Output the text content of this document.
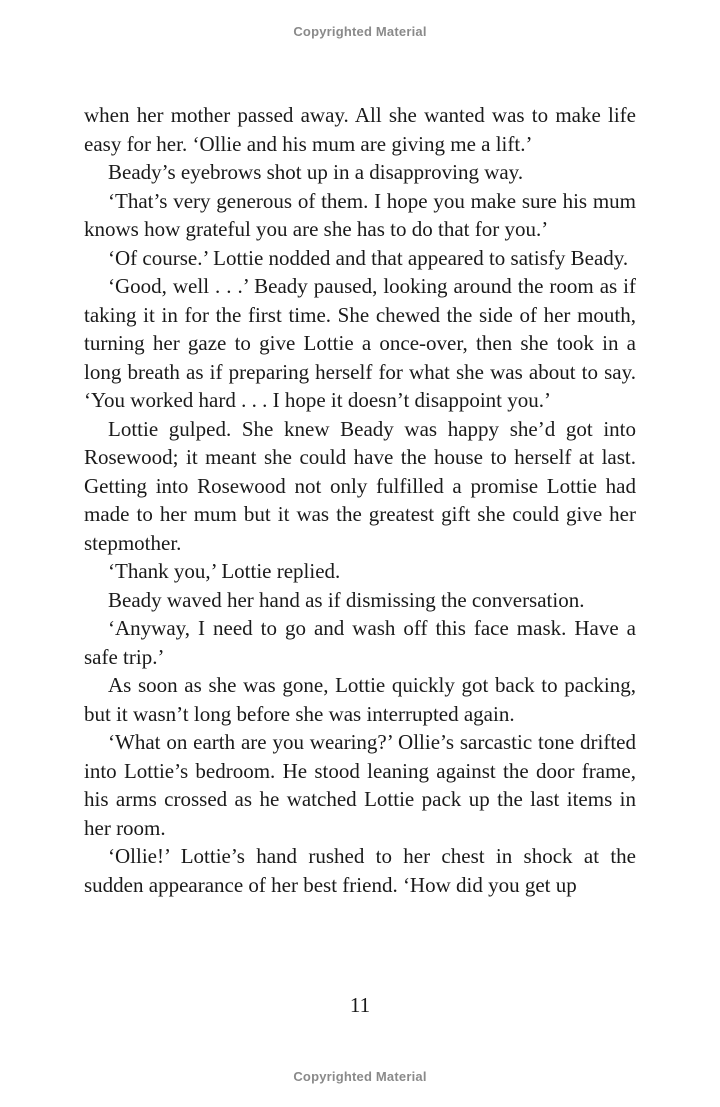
Copyrighted Material

when her mother passed away. All she wanted was to make life easy for her. ‘Ollie and his mum are giving me a lift.’

Beady’s eyebrows shot up in a disapproving way.

‘That’s very generous of them. I hope you make sure his mum knows how grateful you are she has to do that for you.’

‘Of course.’ Lottie nodded and that appeared to satisfy Beady.

‘Good, well . . .’ Beady paused, looking around the room as if taking it in for the first time. She chewed the side of her mouth, turning her gaze to give Lottie a once-over, then she took in a long breath as if preparing herself for what she was about to say. ‘You worked hard . . . I hope it doesn’t disappoint you.’

Lottie gulped. She knew Beady was happy she’d got into Rosewood; it meant she could have the house to herself at last. Getting into Rosewood not only fulfilled a promise Lottie had made to her mum but it was the greatest gift she could give her stepmother.

‘Thank you,’ Lottie replied.

Beady waved her hand as if dismissing the conversation.

‘Anyway, I need to go and wash off this face mask. Have a safe trip.’

As soon as she was gone, Lottie quickly got back to packing, but it wasn’t long before she was interrupted again.

‘What on earth are you wearing?’ Ollie’s sarcastic tone drifted into Lottie’s bedroom. He stood leaning against the door frame, his arms crossed as he watched Lottie pack up the last items in her room.

‘Ollie!’ Lottie’s hand rushed to her chest in shock at the sudden appearance of her best friend. ‘How did you get up

11
Copyrighted Material
